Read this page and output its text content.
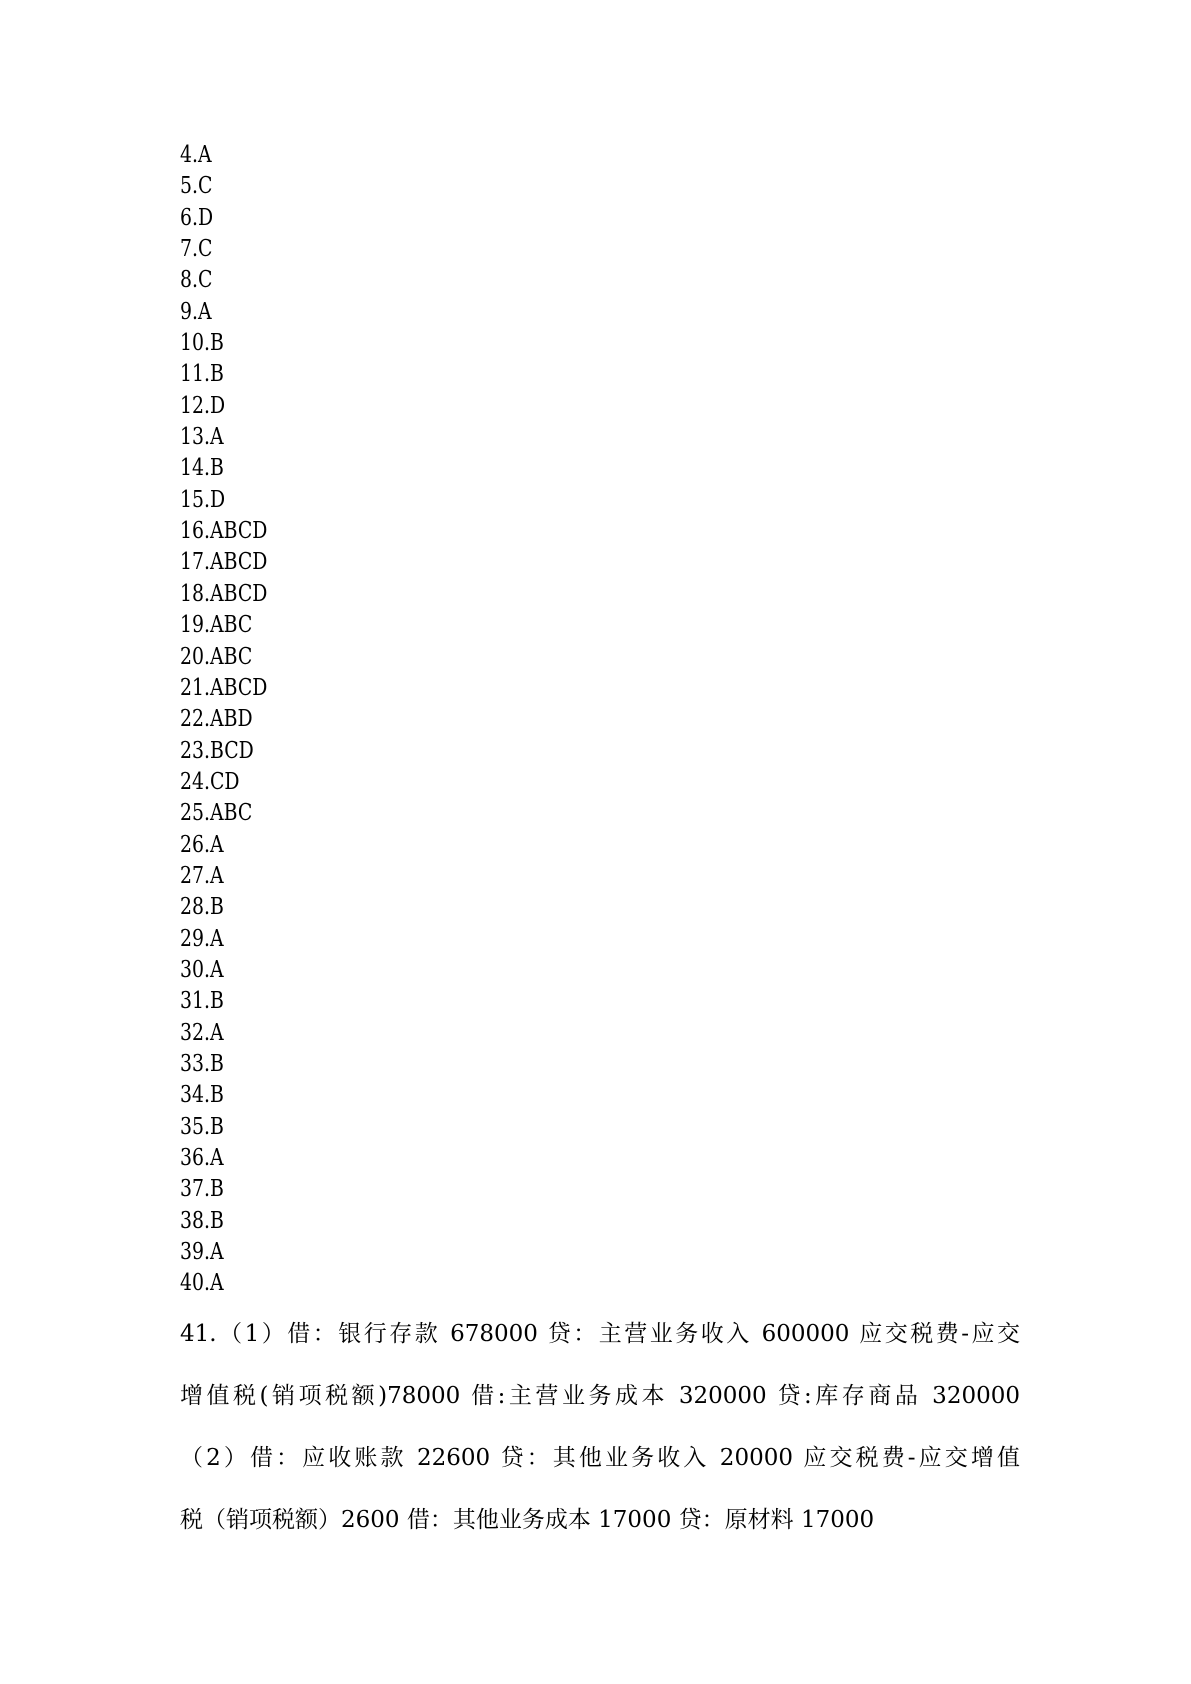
4.A
5.C
6.D
7.C
8.C
9.A
10.B
11.B
12.D
13.A
14.B
15.D
16.ABCD
17.ABCD
18.ABCD
19.ABC
20.ABC
21.ABCD
22.ABD
23.BCD
24.CD
25.ABC
26.A
27.A
28.B
29.A
30.A
31.B
32.A
33.B
34.B
35.B
36.A
37.B
38.B
39.A
40.A
41.（1）借：银行存款 678000 贷：主营业务收入 600000 应交税费-应交
增值税(销项税额)78000 借:主营业务成本 320000 贷:库存商品 320000
（2）借：应收账款 22600 贷：其他业务收入 20000 应交税费-应交增值
税（销项税额）2600 借：其他业务成本 17000 贷：原材料 17000
